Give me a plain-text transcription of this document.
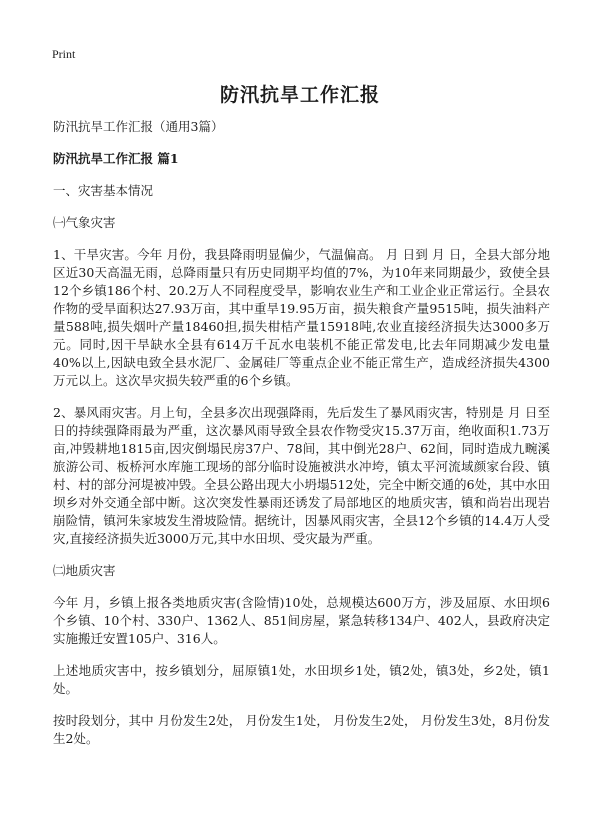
Print
防汛抗旱工作汇报

防汛抗旱工作汇报（通用3篇）

防汛抗旱工作汇报 篇1

一、灾害基本情况

㈠气象灾害

1、干旱灾害。今年 月份，我县降雨明显偏少，气温偏高。 月 日到 月 日，全县大部分地区近30天高温无雨，总降雨量只有历史同期平均值的7%，为10年来同期最少，致使全县12个乡镇186个村、20.2万人不同程度受旱，影响农业生产和工业企业正常运行。全县农作物的受旱面积达27.93万亩，其中重旱19.95万亩，损失粮食产量9515吨，损失油料产量588吨,损失烟叶产量18460担,损失柑桔产量15918吨,农业直接经济损失达3000多万元。同时,因干旱缺水全县有614万千瓦水电装机不能正常发电,比去年同期减少发电量40%以上,因缺电致全县水泥厂、金属硅厂等重点企业不能正常生产，造成经济损失4300万元以上。这次旱灾损失较严重的6个乡镇。

2、暴风雨灾害。月上旬，全县多次出现强降雨，先后发生了暴风雨灾害，特别是 月 日至 日的持续强降雨最为严重，这次暴风雨导致全县农作物受灾15.37万亩，绝收面积1.73万亩,冲毁耕地1815亩,因灾倒塌民房37户、78间，其中倒光28户、62间，同时造成九畹溪旅游公司、板桥河水库施工现场的部分临时设施被洪水冲垮，镇太平河流域颜家台段、镇村、村的部分河堤被冲毁。全县公路出现大小坍塌512处，完全中断交通的6处，其中水田坝乡对外交通全部中断。这次突发性暴雨还诱发了局部地区的地质灾害，镇和尚岩出现岩崩险情，镇河朱家坡发生滑坡险情。据统计，因暴风雨灾害，全县12个乡镇的14.4万人受灾,直接经济损失近3000万元,其中水田坝、受灾最为严重。

㈡地质灾害

今年 月，乡镇上报各类地质灾害(含险情)10处，总规模达600万方，涉及屈原、水田坝6个乡镇、10个村、330户、1362人、851间房屋，紧急转移134户、402人，县政府决定实施搬迁安置105户、316人。

上述地质灾害中，按乡镇划分，屈原镇1处，水田坝乡1处，镇2处，镇3处，乡2处，镇1处。

按时段划分，其中 月份发生2处， 月份发生1处， 月份发生2处， 月份发生3处，8月份发生2处。
